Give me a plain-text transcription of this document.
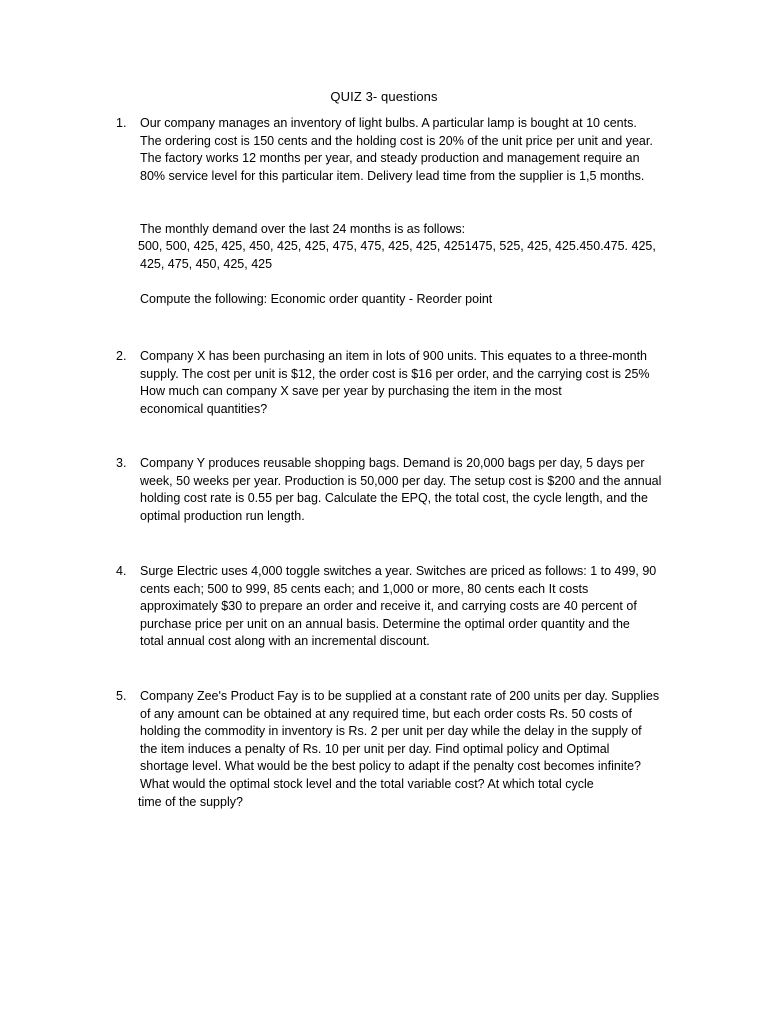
QUIZ 3- questions
1. Our company manages an inventory of light bulbs. A particular lamp is bought at 10 cents.
The ordering cost is 150 cents and the holding cost is 20% of the unit price per unit and year.
The factory works 12 months per year, and steady production and management require an
80% service level for this particular item. Delivery lead time from the supplier is 1,5 months.
The monthly demand over the last 24 months is as follows:
500, 500, 425, 425, 450, 425, 425, 475, 475, 425, 425, 4251475, 525, 425, 425.450.475. 425,
425, 475, 450, 425, 425
Compute the following: Economic order quantity - Reorder point
2. Company X has been purchasing an item in lots of 900 units. This equates to a three-month
supply. The cost per unit is $12, the order cost is $16 per order, and the carrying cost is 25%
How much can company X save per year by purchasing the item in the most
economical quantities?
3. Company Y produces reusable shopping bags. Demand is 20,000 bags per day, 5 days per
week, 50 weeks per year. Production is 50,000 per day. The setup cost is $200 and the annual
holding cost rate is 0.55 per bag. Calculate the EPQ, the total cost, the cycle length, and the
optimal production run length.
4. Surge Electric uses 4,000 toggle switches a year. Switches are priced as follows: 1 to 499, 90
cents each; 500 to 999, 85 cents each; and 1,000 or more, 80 cents each It costs
approximately $30 to prepare an order and receive it, and carrying costs are 40 percent of
purchase price per unit on an annual basis. Determine the optimal order quantity and the
total annual cost along with an incremental discount.
5. Company Zee's Product Fay is to be supplied at a constant rate of 200 units per day. Supplies
of any amount can be obtained at any required time, but each order costs Rs. 50 costs of
holding the commodity in inventory is Rs. 2 per unit per day while the delay in the supply of
the item induces a penalty of Rs. 10 per unit per day. Find optimal policy and Optimal
shortage level. What would be the best policy to adapt if the penalty cost becomes infinite?
What would the optimal stock level and the total variable cost? At which total cycle
time of the supply?
